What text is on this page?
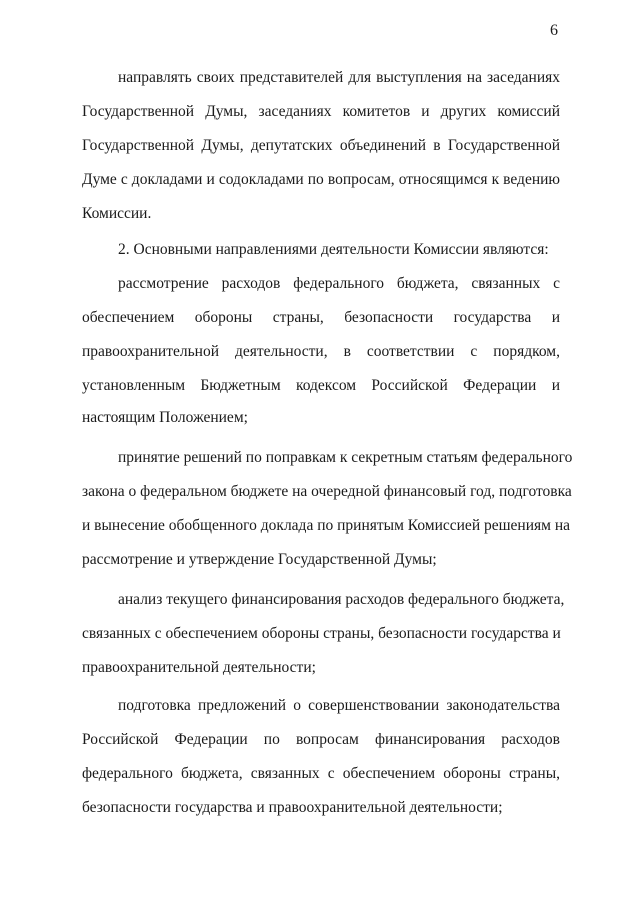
6
направлять своих представителей для выступления на заседаниях
Государственной Думы, заседаниях комитетов и других комиссий
Государственной Думы, депутатских объединений в Государственной
Думе с докладами и содокладами по вопросам, относящимся к ведению
Комиссии.
2. Основными направлениями деятельности Комиссии являются:
рассмотрение расходов федерального бюджета, связанных с
обеспечением обороны страны, безопасности государства и
правоохранительной деятельности, в соответствии с порядком,
установленным Бюджетным кодексом Российской Федерации и
настоящим Положением;
принятие решений по поправкам к секретным статьям федерального
закона о федеральном бюджете на очередной финансовый год, подготовка
и вынесение обобщенного доклада по принятым Комиссией решениям на
рассмотрение и утверждение Государственной Думы;
анализ текущего финансирования расходов федерального бюджета,
связанных с обеспечением обороны страны, безопасности государства и
правоохранительной деятельности;
подготовка предложений о совершенствовании законодательства
Российской Федерации по вопросам финансирования расходов
федерального бюджета, связанных с обеспечением обороны страны,
безопасности государства и правоохранительной деятельности;
